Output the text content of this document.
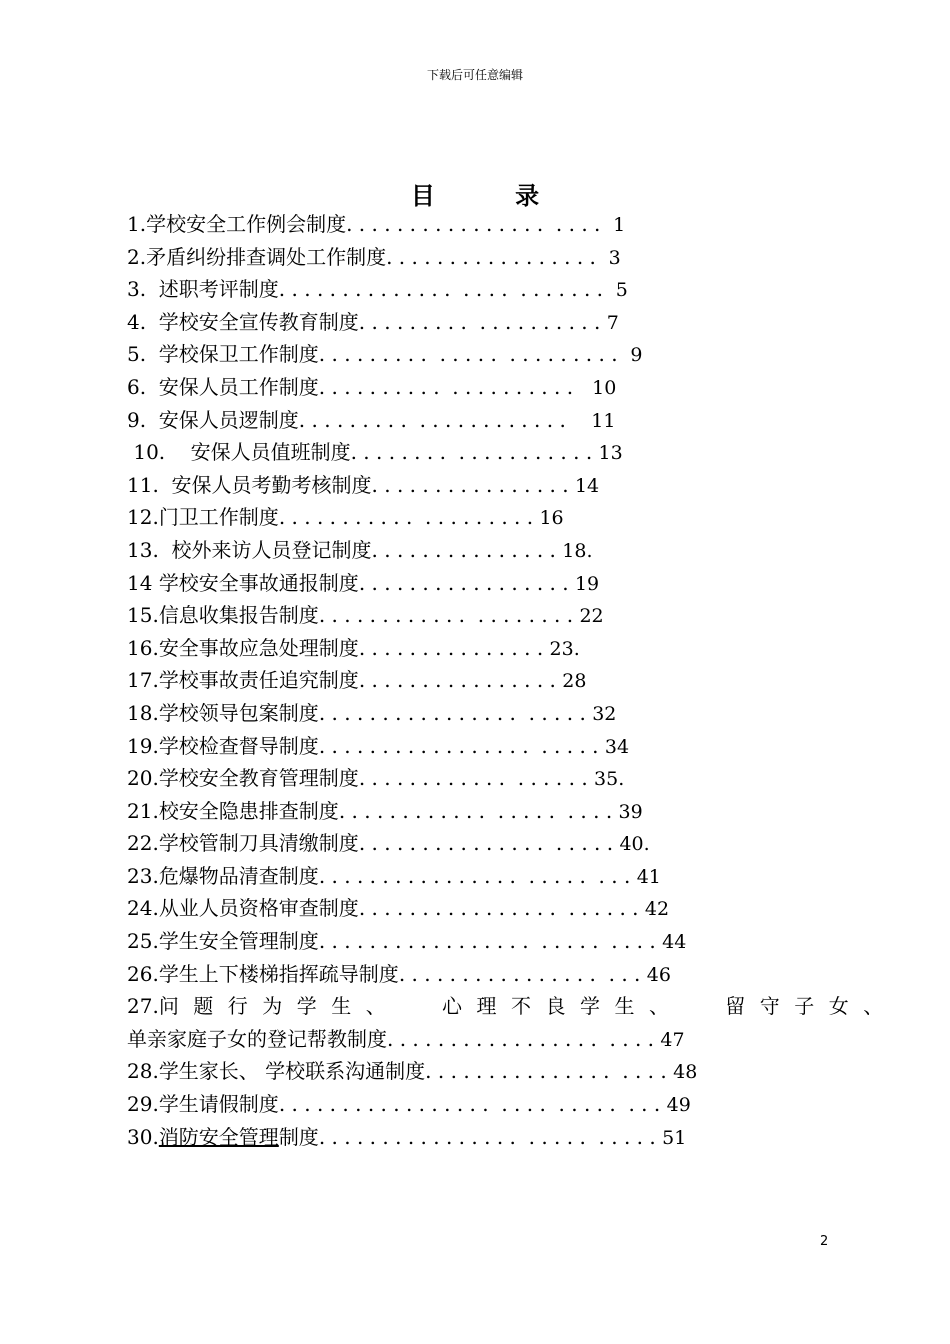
下载后可任意编辑
目 录
1.学校安全工作例会制度. . . . . . . . . . . . . . . .  . . . .  1
2.矛盾纠纷排查调处工作制度. . . . . . . . . . . . . . . . .  3
3.  述职考评制度. . . . . . . . . . . . . .  . . . .  . . . . . . .  5
4.  学校安全宣传教育制度. . . . . . . . .  . . . . . . . . . . 7
5.  学校保卫工作制度. . . . . . . . .  . . . . .  . . . . . . . . .  9
6.  安保人员工作制度. . . . . . . . . .  . . . . . . . . . .   10
9.  安保人员逻制度. . . . . . . . .  . . . . . . . . . . . .    11
10.    安保人员值班制度. . . . . . . .  . . . . . . . . . . . 13
11.  安保人员考勤考核制度. . . . . . . . . . . . . . . . 14
12.门卫工作制度. . . . . . . . . . .  . . . . . . . . . 16
13.  校外来访人员登记制度. . . . . . . . . . . . . . . 18.
14 学校安全事故通报制度. . . . . . . . . . . . . . . . . 19
15.信息收集报告制度. . . . . . . . . . . .  . . . . . . . . 22
16.安全事故应急处理制度. . . . . . . . . . . . . . . 23.
17.学校事故责任追究制度. . . . . . . . . . . . . . . . 28
18.学校领导包案制度. . . . . . . . . . . . . . . .  . . . . . 32
19.学校检查督导制度. . . . . . . . . . . . . . . . .  . . . . . 34
20.学校安全教育管理制度. . . . . . . . . . . .  . . . . . . 35.
21.校安全隐患排查制度. . . . . . . . . . . .  . . . . .  . . . . 39
22.学校管制刀具清缴制度. . . . . . . . . . . . . . .  . . . . . 40.
23.危爆物品清查制度. . . . . . . . . . . . . . . .  . . . . .  . . . 41
24.从业人员资格审查制度. . . . . . . . . . . . . . . .  . . . . . . 42
25.学生安全管理制度. . . . . . . . . . . . . . . . .  . . . . .  . . . . 44
26.学生上下楼梯指挥疏导制度. . . . . . . . . . . . . . . .  . . . 46
27.问题行为学生、  心理不良学生、  留守子女、
单亲家庭子女的登记帮教制度. . . . . . . . . . . . . . . . .  . . . . 47
28.学生家长、 学校联系沟通制度. . . . . . . . . . . . . . .  . . . . 48
29.学生请假制度. . . . . . . . . . . . . . . . .  . . . .  . . . . .  . . . 49
30.消防安全管理制度. . . . . . . . . . . . . . . .  . . . . .  . . . . . 51
2
